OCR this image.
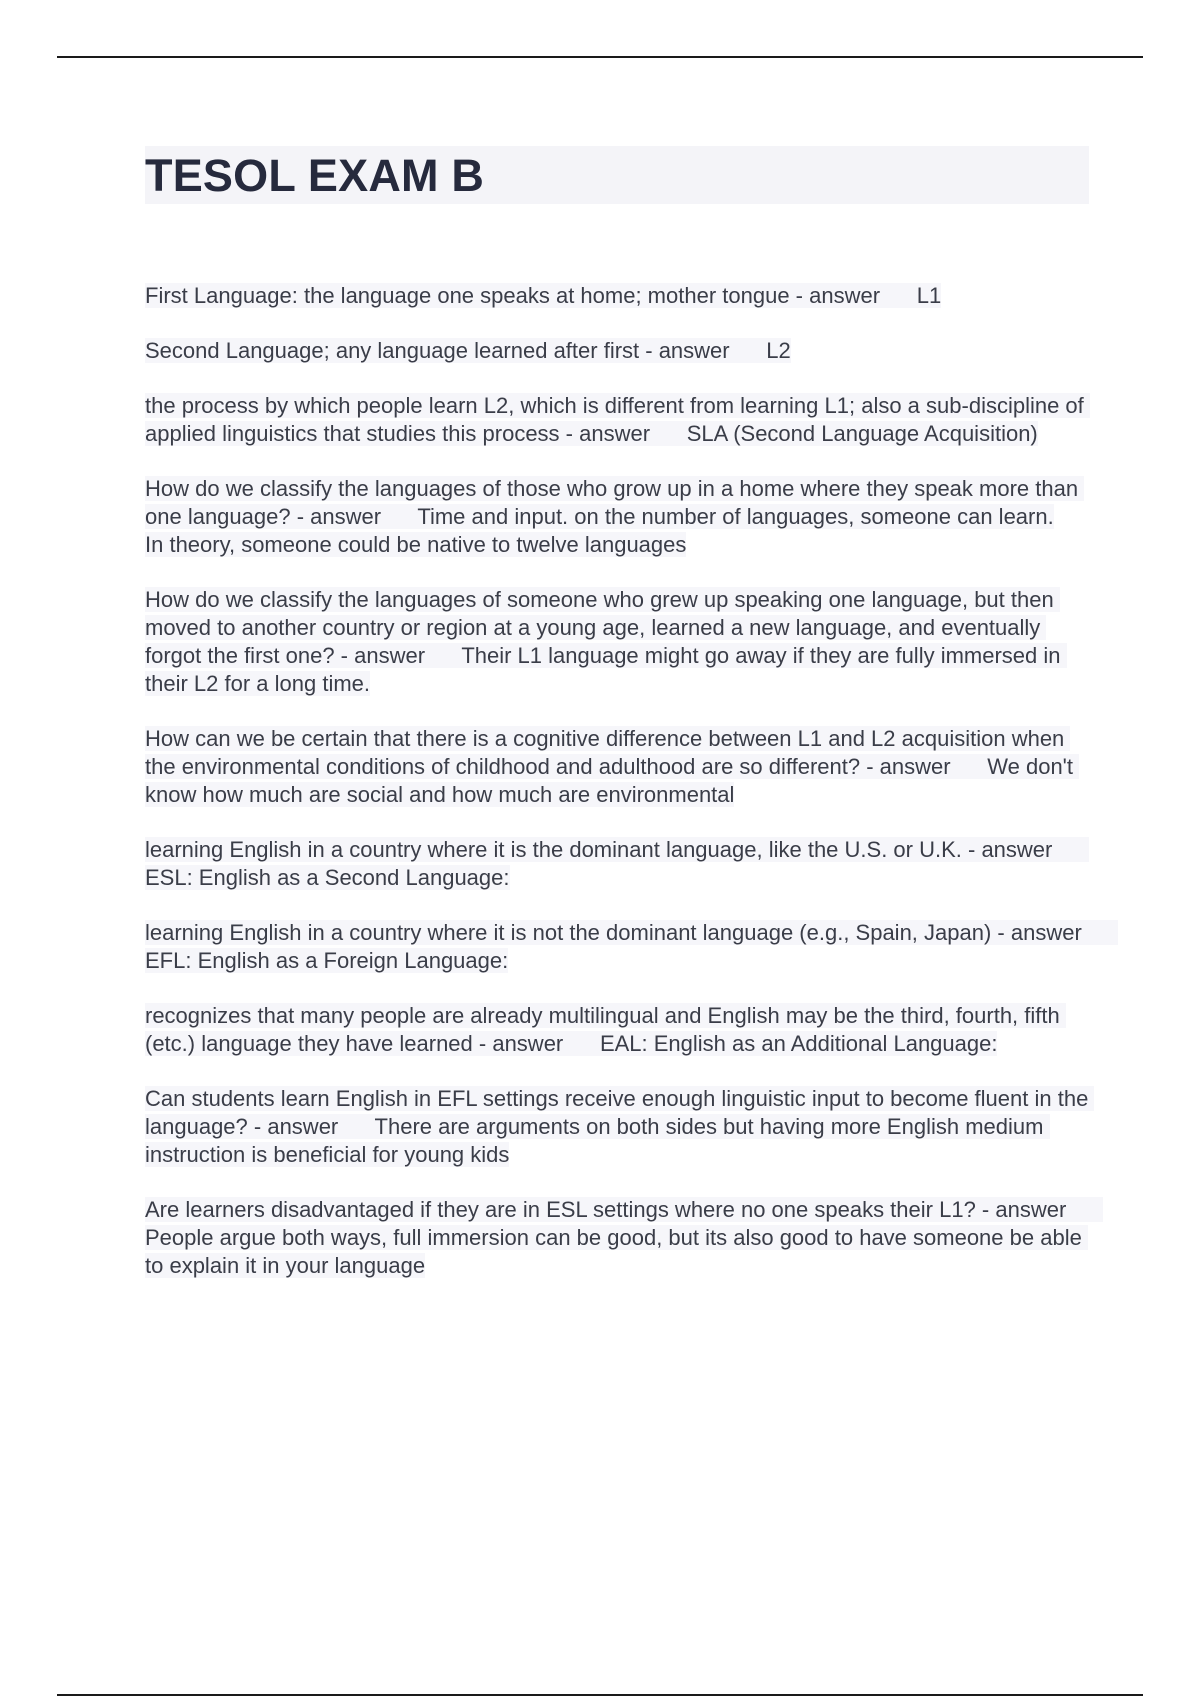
TESOL EXAM B

First Language: the language one speaks at home; mother tongue - answer      L1

Second Language; any language learned after first - answer      L2

the process by which people learn L2, which is different from learning L1; also a sub-discipline of applied linguistics that studies this process - answer      SLA (Second Language Acquisition)

How do we classify the languages of those who grow up in a home where they speak more than one language? - answer      Time and input. on the number of languages, someone can learn.
In theory, someone could be native to twelve languages

How do we classify the languages of someone who grew up speaking one language, but then moved to another country or region at a young age, learned a new language, and eventually forgot the first one? - answer      Their L1 language might go away if they are fully immersed in their L2 for a long time.

How can we be certain that there is a cognitive difference between L1 and L2 acquisition when the environmental conditions of childhood and adulthood are so different? - answer      We don't know how much are social and how much are environmental

learning English in a country where it is the dominant language, like the U.S. or U.K. - answer      ESL: English as a Second Language:

learning English in a country where it is not the dominant language (e.g., Spain, Japan) - answer      EFL: English as a Foreign Language:

recognizes that many people are already multilingual and English may be the third, fourth, fifth (etc.) language they have learned - answer      EAL: English as an Additional Language:

Can students learn English in EFL settings receive enough linguistic input to become fluent in the language? - answer      There are arguments on both sides but having more English medium instruction is beneficial for young kids

Are learners disadvantaged if they are in ESL settings where no one speaks their L1? - answer      People argue both ways, full immersion can be good, but its also good to have someone be able to explain it in your language
